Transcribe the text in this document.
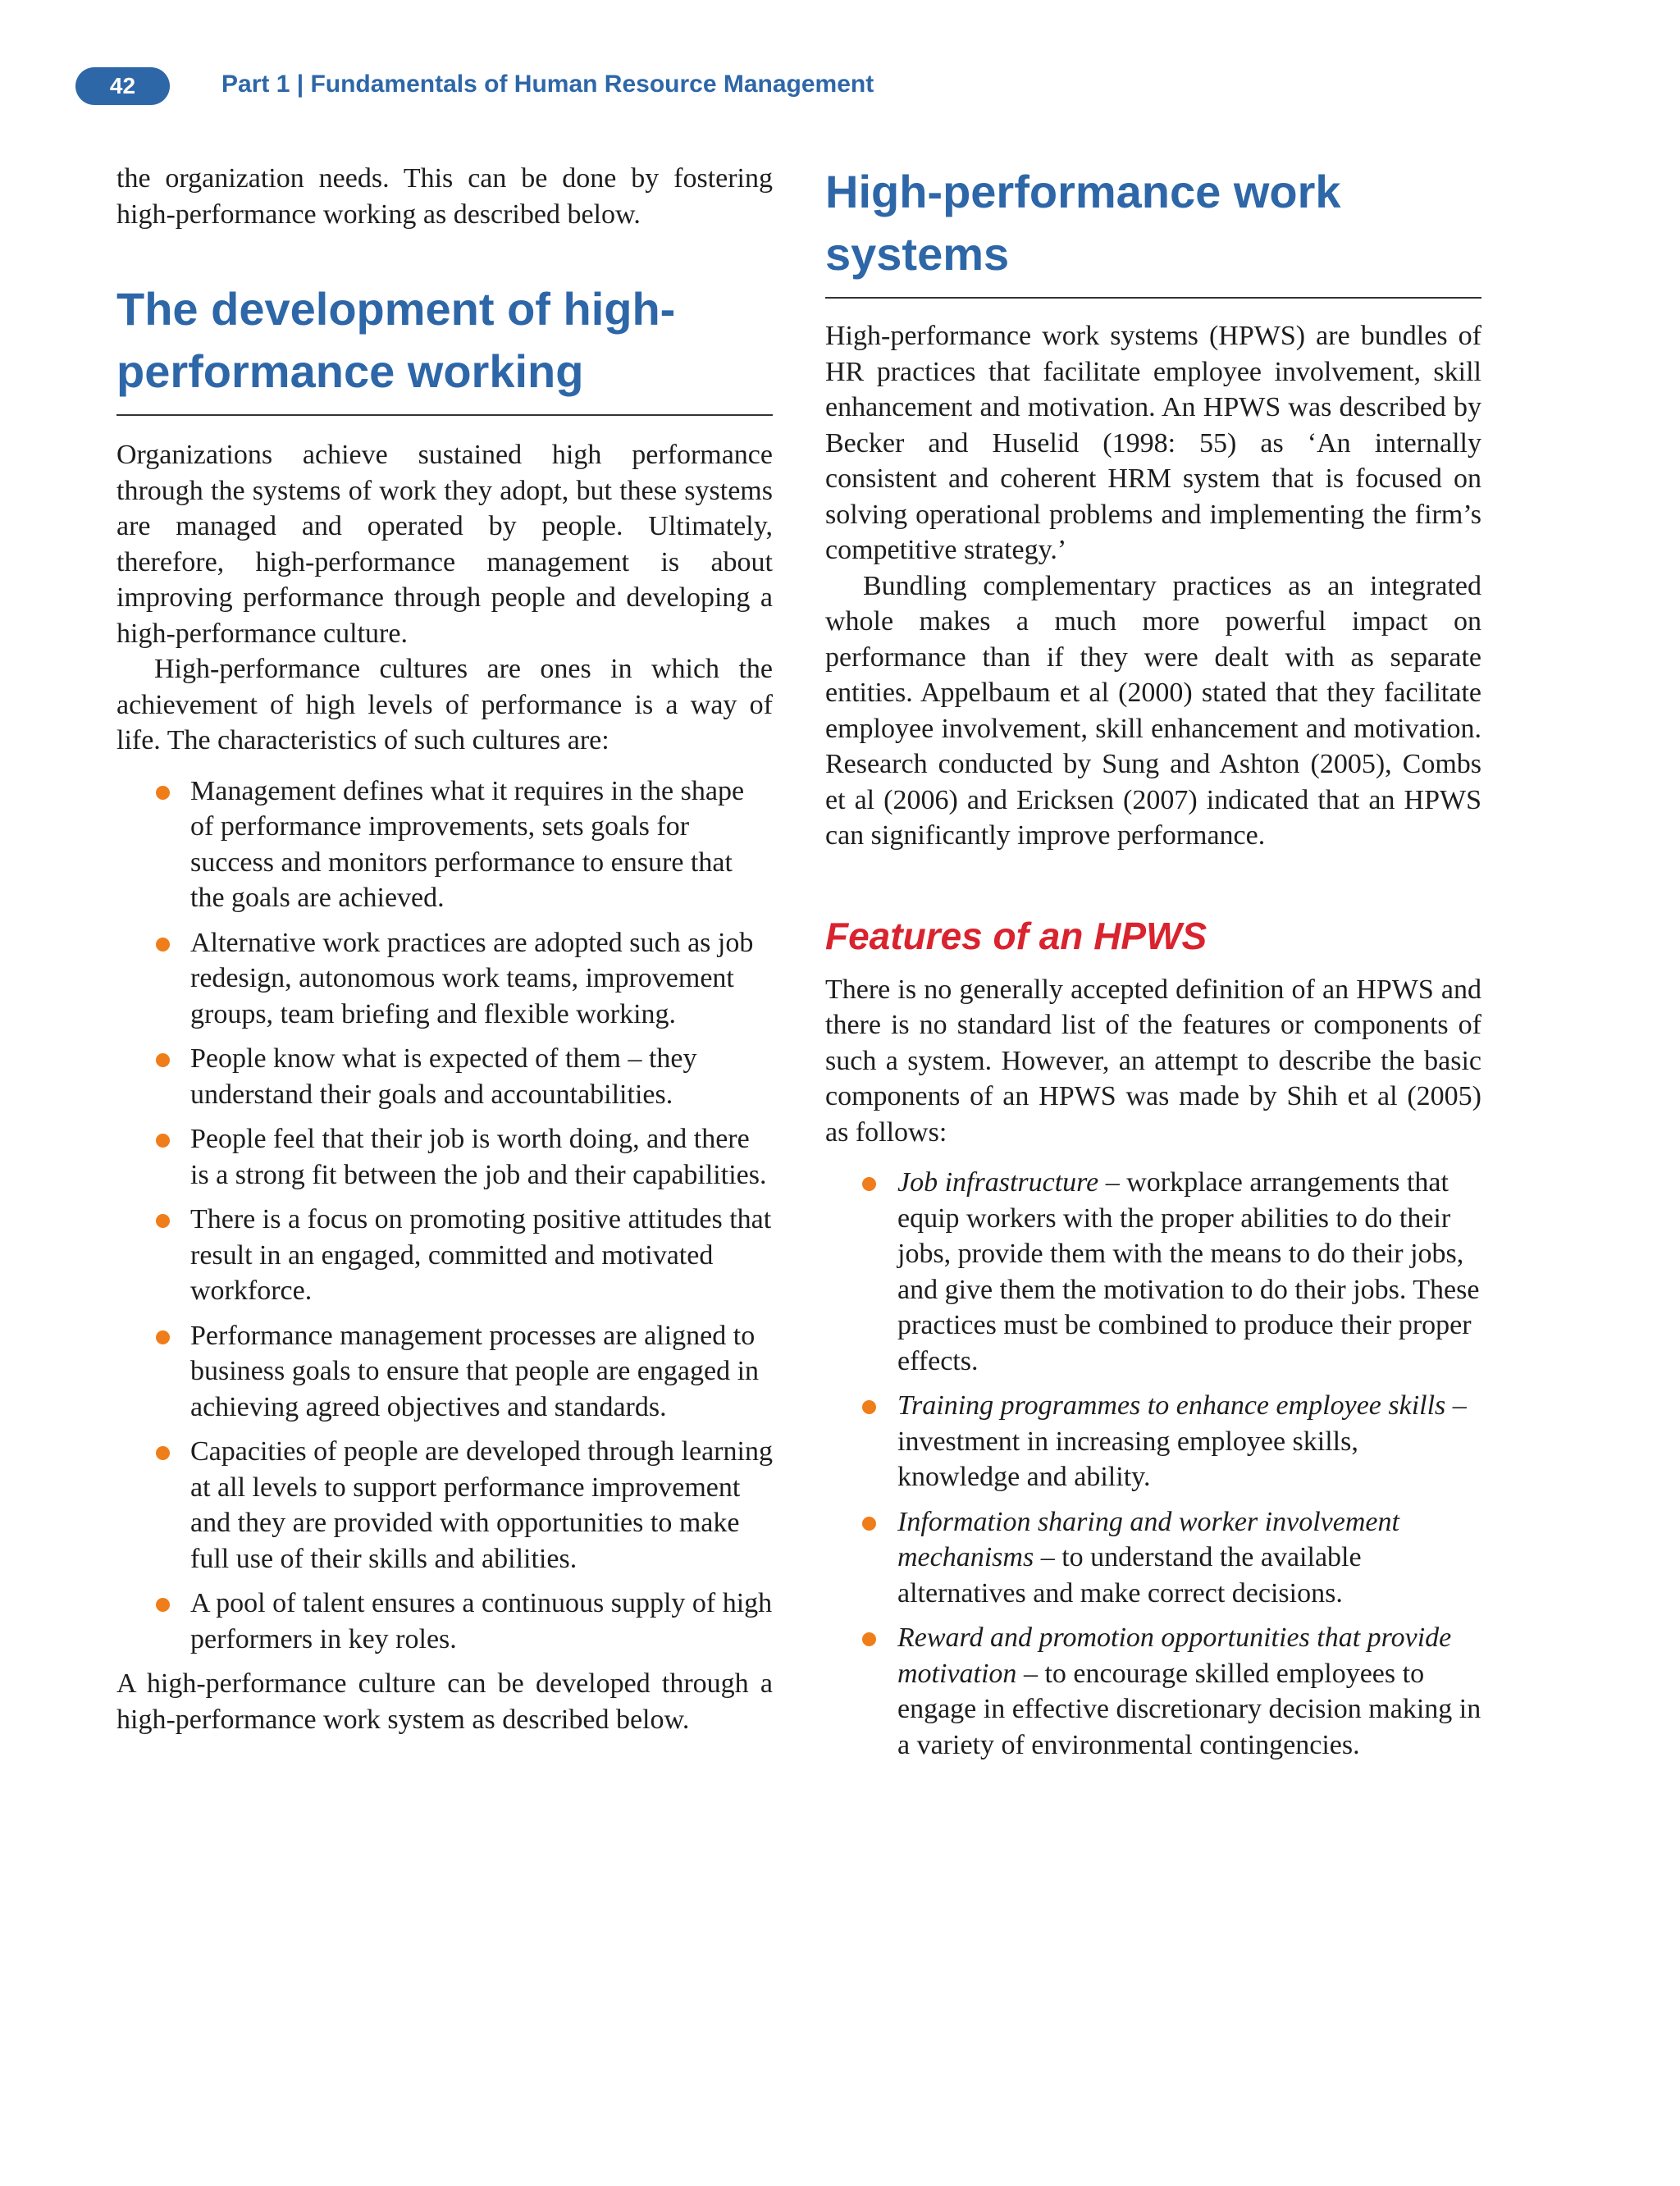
42	Part 1 | Fundamentals of Human Resource Management

the organization needs. This can be done by fostering high-performance working as described below.

The development of high-performance working

Organizations achieve sustained high performance through the systems of work they adopt, but these systems are managed and operated by people. Ultimately, therefore, high-performance management is about improving performance through people and developing a high-performance culture.

High-performance cultures are ones in which the achievement of high levels of performance is a way of life. The characteristics of such cultures are:

Management defines what it requires in the shape of performance improvements, sets goals for success and monitors performance to ensure that the goals are achieved.
Alternative work practices are adopted such as job redesign, autonomous work teams, improvement groups, team briefing and flexible working.
People know what is expected of them – they understand their goals and accountabilities.
People feel that their job is worth doing, and there is a strong fit between the job and their capabilities.
There is a focus on promoting positive attitudes that result in an engaged, committed and motivated workforce.
Performance management processes are aligned to business goals to ensure that people are engaged in achieving agreed objectives and standards.
Capacities of people are developed through learning at all levels to support performance improvement and they are provided with opportunities to make full use of their skills and abilities.
A pool of talent ensures a continuous supply of high performers in key roles.

A high-performance culture can be developed through a high-performance work system as described below.

High-performance work systems

High-performance work systems (HPWS) are bundles of HR practices that facilitate employee involvement, skill enhancement and motivation. An HPWS was described by Becker and Huselid (1998: 55) as ‘An internally consistent and coherent HRM system that is focused on solving operational problems and implementing the firm’s competitive strategy.’

Bundling complementary practices as an integrated whole makes a much more powerful impact on performance than if they were dealt with as separate entities. Appelbaum et al (2000) stated that they facilitate employee involvement, skill enhancement and motivation. Research conducted by Sung and Ashton (2005), Combs et al (2006) and Ericksen (2007) indicated that an HPWS can significantly improve performance.

Features of an HPWS

There is no generally accepted definition of an HPWS and there is no standard list of the features or components of such a system. However, an attempt to describe the basic components of an HPWS was made by Shih et al (2005) as follows:

Job infrastructure – workplace arrangements that equip workers with the proper abilities to do their jobs, provide them with the means to do their jobs, and give them the motivation to do their jobs. These practices must be combined to produce their proper effects.
Training programmes to enhance employee skills – investment in increasing employee skills, knowledge and ability.
Information sharing and worker involvement mechanisms – to understand the available alternatives and make correct decisions.
Reward and promotion opportunities that provide motivation – to encourage skilled employees to engage in effective discretionary decision making in a variety of environmental contingencies.
